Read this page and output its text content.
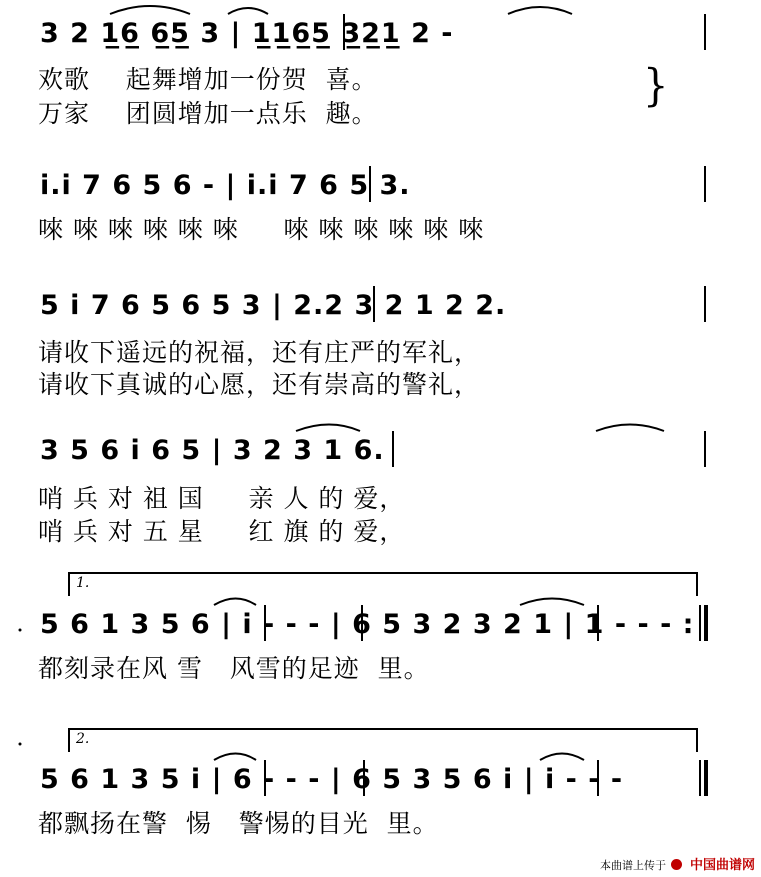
3 2 1̲6̲ 6̲5̲ 3 | 1̲1̲6̲5̲ 3̲2̲1̲ 2 -
欢歌    起舞增加一份贺  喜。
万家    团圆增加一点乐  趣。
}
i.i 7 6 5 6 - | i.i 7 6 5 3.
唻 唻 唻 唻 唻 唻     唻 唻 唻 唻 唻 唻
5 i 7 6 5 6 5 3 | 2.2 3 2 1 2 2.
请收下遥远的祝福，还有庄严的军礼，
请收下真诚的心愿，还有崇高的警礼，
3 5 6 i 6 5 | 3 2 3 1 6.
哨 兵 对 祖 国     亲 人 的 爱，
哨 兵 对 五 星     红 旗 的 爱，
1.
5 6 1 3 5 6 | i - - - | 6 5 3 2 3 2 1 | 1 - - - :
都刻录在风 雪   风雪的足迹  里。
2.
5 6 1 3 5 i | 6 - - - | 6 5 3 5 6 i | i - - -
都飘扬在警  惕   警惕的目光  里。
本曲谱上传于 中国曲谱网
